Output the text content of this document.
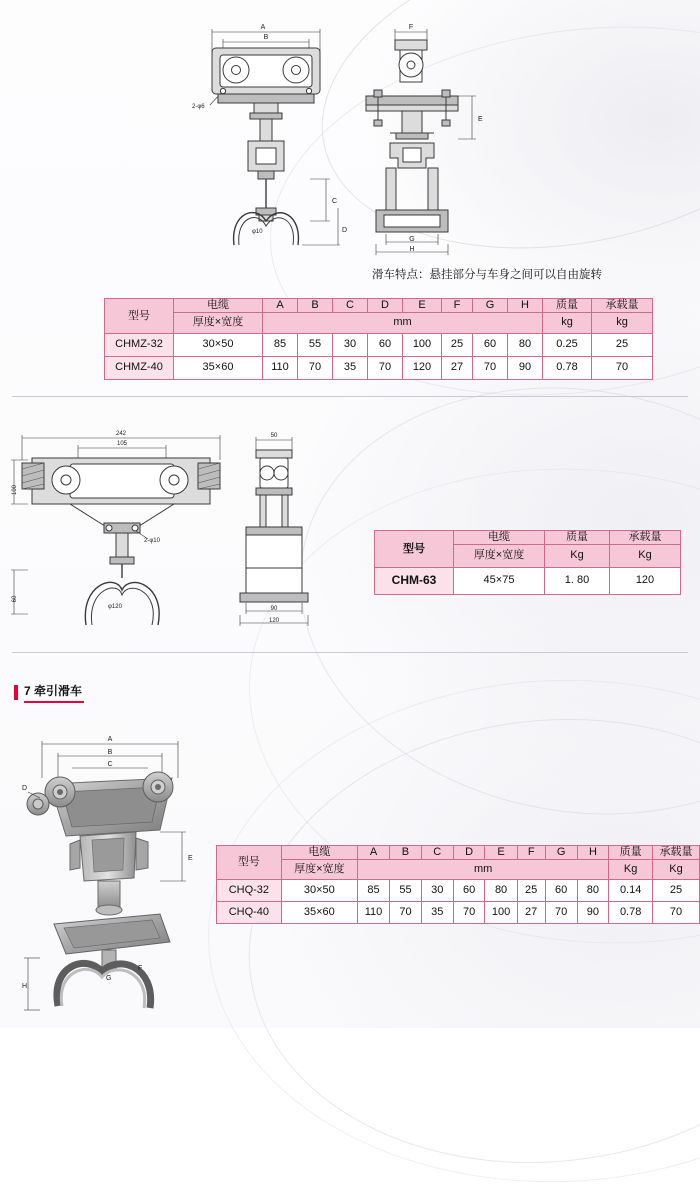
A
B
2-φ6
φ10
C
D
F
E
G
H
滑车特点：悬挂部分与车身之间可以自由旋转
型号	电缆	A	B	C	D	E	F	G	H	质量	承载量
	厚度×宽度	mm								kg	kg
CHMZ-32	30×50	85	55	30	60	100	25	60	80	0.25	25
CHMZ-40	35×60	110	70	35	70	120	27	70	90	0.78	70
242
105
100
2-φ10
φ120
60
50
90
120
型号	电缆	质量	承载量
	厚度×宽度	Kg	Kg
CHM-63	45×75	1. 80	120
7 牵引滑车
A
B
C
D
E
F
G
H
型号	电缆	A	B	C	D	E	F	G	H	质量	承载量
	厚度×宽度	mm								Kg	Kg
CHQ-32	30×50	85	55	30	60	80	25	60	80	0.14	25
CHQ-40	35×60	110	70	35	70	100	27	70	90	0.78	70
